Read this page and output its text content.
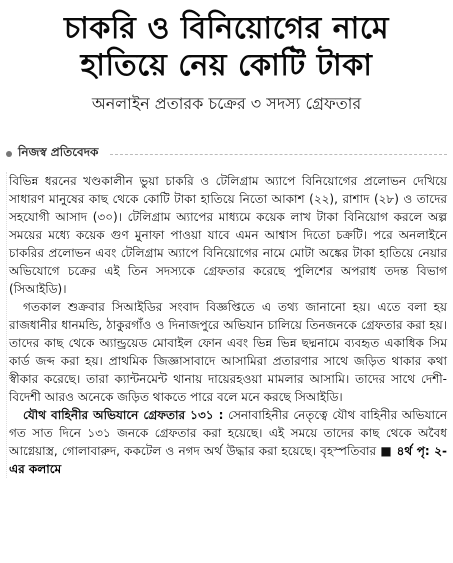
চাকরি ও বিনিয়োগের নামে
হাতিয়ে নেয় কোটি টাকা
অনলাইন প্রতারক চক্রের ৩ সদস্য গ্রেফতার
নিজস্ব প্রতিবেদক

বিভিন্ন ধরনের খণ্ডকালীন ভুয়া চাকরি ও টেলিগ্রাম অ্যাপে বিনিয়োগের প্রলোভন দেখিয়ে সাধারণ মানুষের কাছ থেকে কোটি টাকা হাতিয়ে নিতো আকাশ (২২), রাশাদ (২৮) ও তাদের সহযোগী আসাদ (৩০)। টেলিগ্রাম অ্যাপের মাধ্যমে কয়েক লাখ টাকা বিনিয়োগ করলে অল্প সময়ের মধ্যে কয়েক গুণ মুনাফা পাওয়া যাবে এমন আশ্বাস দিতো চক্রটি। পরে অনলাইনে চাকরির প্রলোভন এবং টেলিগ্রাম অ্যাপে বিনিয়োগের নামে মোটা অঙ্কের টাকা হাতিয়ে নেয়ার অভিযোগে চক্রের এই তিন সদস্যকে গ্রেফতার করেছে পুলিশের অপরাধ তদন্ত বিভাগ (সিআইডি)।

গতকাল শুক্রবার সিআইডির সংবাদ বিজ্ঞপ্তিতে এ তথ্য জানানো হয়। এতে বলা হয় রাজধানীর ধানমন্ডি, ঠাকুরগাঁও ও দিনাজপুরে অভিযান চালিয়ে তিনজনকে গ্রেফতার করা হয়। তাদের কাছ থেকে অ্যান্ড্রয়েড মোবাইল ফোন এবং ভিন্ন ভিন্ন ছদ্মনামে ব্যবহৃত একাধিক সিম কার্ড জব্দ করা হয়। প্রাথমিক জিজ্ঞাসাবাদে আসামিরা প্রতারণার সাথে জড়িত থাকার কথা স্বীকার করেছে। তারা ক্যান্টনমেন্ট থানায় দায়েরহওয়া মামলার আসামি। তাদের সাথে দেশী-বিদেশী আরও অনেকে জড়িত থাকতে পারে বলে মনে করছে সিআইডি।

যৌথ বাহিনীর অভিযানে গ্রেফতার ১৩১ : সেনাবাহিনীর নেতৃত্বে যৌথ বাহিনীর অভিযানে গত সাত দিনে ১৩১ জনকে গ্রেফতার করা হয়েছে। এই সময়ে তাদের কাছ থেকে অবৈধ আগ্নেয়াস্ত্র, গোলাবারুদ, ককটেল ও নগদ অর্থ উদ্ধার করা হয়েছে। বৃহস্পতিবার ■ ৪র্থ পৃ: ২-এর কলামে
